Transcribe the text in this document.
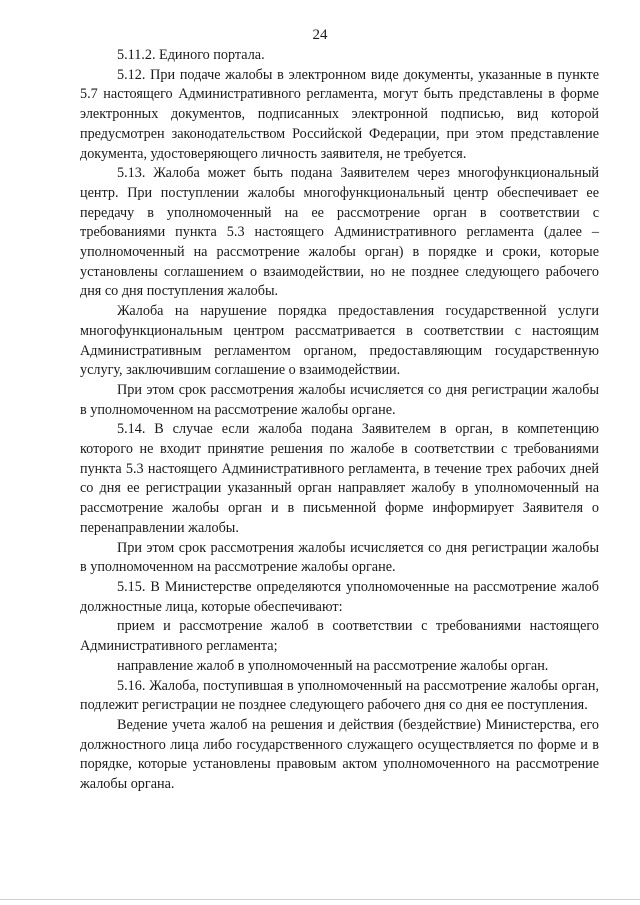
24

5.11.2. Единого портала.

5.12. При подаче жалобы в электронном виде документы, указанные в пункте 5.7 настоящего Административного регламента, могут быть представлены в форме электронных документов, подписанных электронной подписью, вид которой предусмотрен законодательством Российской Федерации, при этом представление документа, удостоверяющего личность заявителя, не требуется.

5.13. Жалоба может быть подана Заявителем через многофункциональный центр. При поступлении жалобы многофункциональный центр обеспечивает ее передачу в уполномоченный на ее рассмотрение орган в соответствии с требованиями пункта 5.3 настоящего Административного регламента (далее – уполномоченный на рассмотрение жалобы орган) в порядке и сроки, которые установлены соглашением о взаимодействии, но не позднее следующего рабочего дня со дня поступления жалобы.

Жалоба на нарушение порядка предоставления государственной услуги многофункциональным центром рассматривается в соответствии с настоящим Административным регламентом органом, предоставляющим государственную услугу, заключившим соглашение о взаимодействии.

При этом срок рассмотрения жалобы исчисляется со дня регистрации жалобы в уполномоченном на рассмотрение жалобы органе.

5.14. В случае если жалоба подана Заявителем в орган, в компетенцию которого не входит принятие решения по жалобе в соответствии с требованиями пункта 5.3 настоящего Административного регламента, в течение трех рабочих дней со дня ее регистрации указанный орган направляет жалобу в уполномоченный на рассмотрение жалобы орган и в письменной форме информирует Заявителя о перенаправлении жалобы.

При этом срок рассмотрения жалобы исчисляется со дня регистрации жалобы в уполномоченном на рассмотрение жалобы органе.

5.15. В Министерстве определяются уполномоченные на рассмотрение жалоб должностные лица, которые обеспечивают:

прием и рассмотрение жалоб в соответствии с требованиями настоящего Административного регламента;

направление жалоб в уполномоченный на рассмотрение жалобы орган.

5.16. Жалоба, поступившая в уполномоченный на рассмотрение жалобы орган, подлежит регистрации не позднее следующего рабочего дня со дня ее поступления.

Ведение учета жалоб на решения и действия (бездействие) Министерства, его должностного лица либо государственного служащего осуществляется по форме и в порядке, которые установлены правовым актом уполномоченного на рассмотрение жалобы органа.
